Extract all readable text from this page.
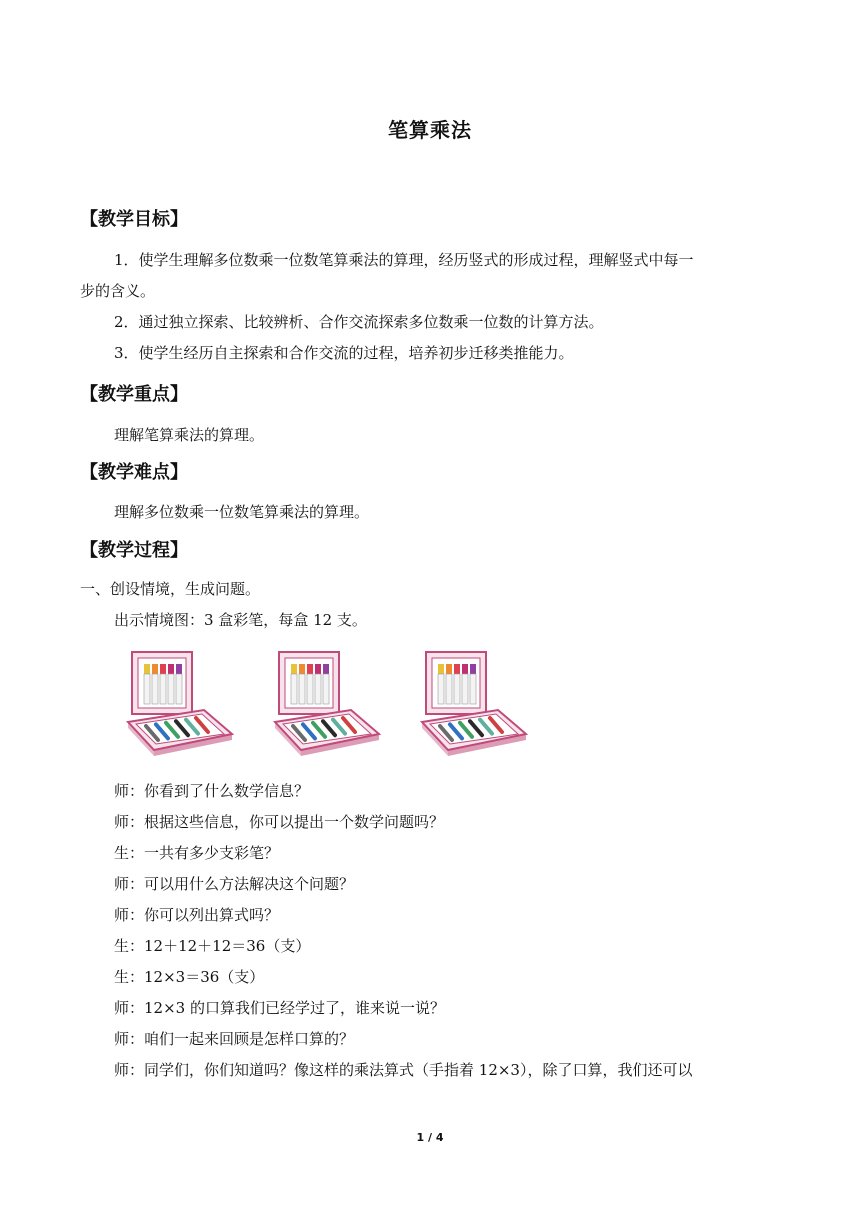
笔算乘法
【教学目标】
1．使学生理解多位数乘一位数笔算乘法的算理，经历竖式的形成过程，理解竖式中每一
步的含义。
2．通过独立探索、比较辨析、合作交流探索多位数乘一位数的计算方法。
3．使学生经历自主探索和合作交流的过程，培养初步迁移类推能力。
【教学重点】
理解笔算乘法的算理。
【教学难点】
理解多位数乘一位数笔算乘法的算理。
【教学过程】
一、创设情境，生成问题。
出示情境图：3 盒彩笔，每盒 12 支。
师：你看到了什么数学信息？
师：根据这些信息，你可以提出一个数学问题吗？
生：一共有多少支彩笔？
师：可以用什么方法解决这个问题？
师：你可以列出算式吗？
生：12＋12＋12＝36（支）
生：12×3＝36（支）
师：12×3 的口算我们已经学过了，谁来说一说？
师：咱们一起来回顾是怎样口算的？
师：同学们，你们知道吗？像这样的乘法算式（手指着 12×3），除了口算，我们还可以
1 / 4
